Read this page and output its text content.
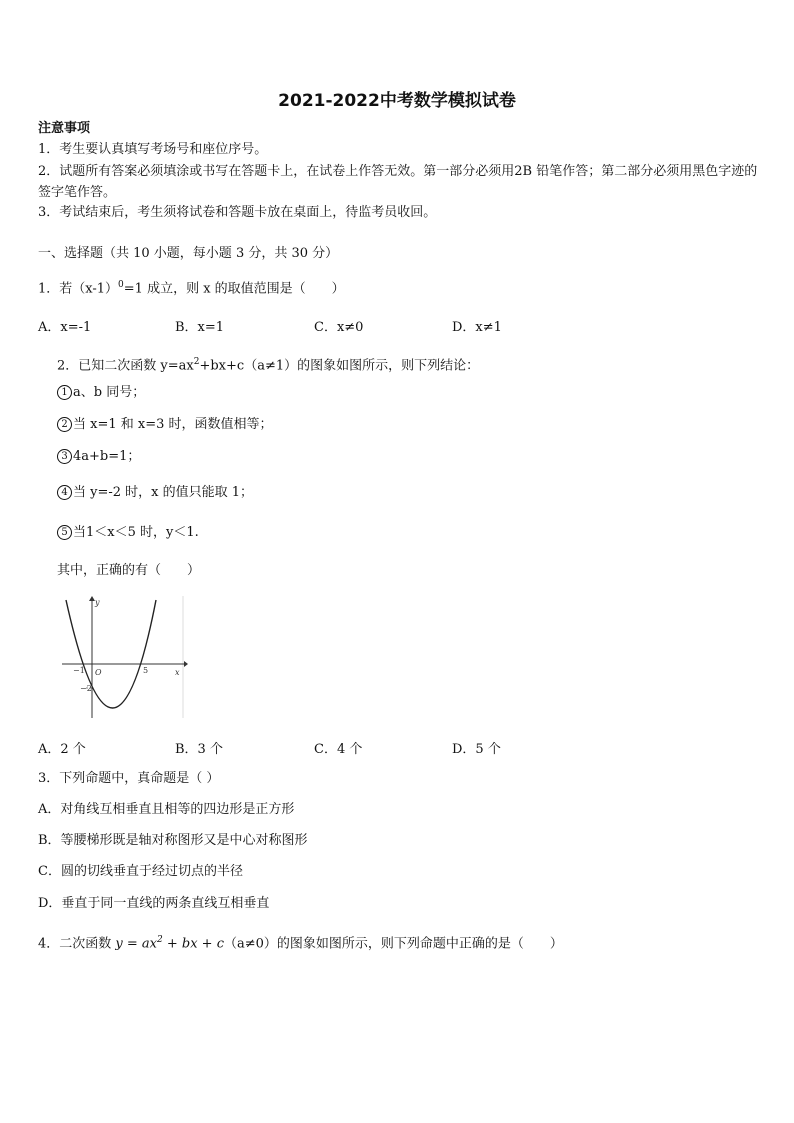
2021-2022中考数学模拟试卷
注意事项
1．考生要认真填写考场号和座位序号。
2．试题所有答案必须填涂或书写在答题卡上，在试卷上作答无效。第一部分必须用2B 铅笔作答；第二部分必须用黑色字迹的签字笔作答。
3．考试结束后，考生须将试卷和答题卡放在桌面上，待监考员收回。
一、选择题（共 10 小题，每小题 3 分，共 30 分）
1．若$(x-1)^0=1$ 成立，则 x 的取值范围是（　　）
A．x=-1	B．x=1	C．x≠0	D．x≠1
2．已知二次函数 $y=ax^2+bx+c(a\ne 1)$的图象如图所示，则下列结论：
1 a、b 同号；
2 当 x=1 和 x=3 时，函数值相等；
3 4a+b=1；
4 当 y=-2 时，x 的值只能取 1；
5 当1＜x＜5 时，y＜1.
其中，正确的有（　　）
y
x
O
−1	5
−2
A．2 个	B．3 个	C．4 个	D．5 个
3．下列命题中，真命题是（ ）
A．对角线互相垂直且相等的四边形是正方形
B．等腰梯形既是轴对称图形又是中心对称图形
C．圆的切线垂直于经过切点的半径
D．垂直于同一直线的两条直线互相垂直
4．二次函数 $y = ax^2$ + bx + c（a≠0）的图象如图所示，则下列命题中正确的是（　　）
